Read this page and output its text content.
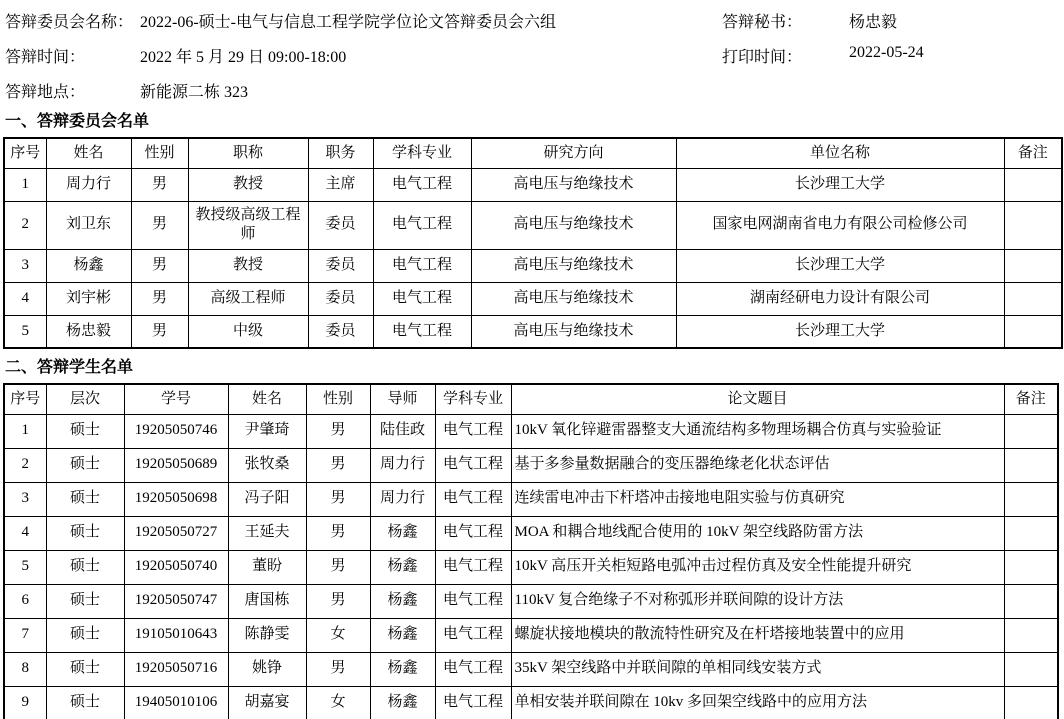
答辩委员会名称： 2022-06-硕士-电气与信息工程学院学位论文答辩委员会六组	答辩秘书：	杨忠毅
答辩时间：	2022 年 5 月 29 日 09:00-18:00	打印时间：	2022-05-24
答辩地点：	新能源二栋 323
一、答辩委员会名单
序号	姓名	性别	职称	职务	学科专业	研究方向	单位名称	备注
1	周力行	男	教授	主席	电气工程	高电压与绝缘技术	长沙理工大学	
2	刘卫东	男	教授级高级工程师	委员	电气工程	高电压与绝缘技术	国家电网湖南省电力有限公司检修公司	
3	杨鑫	男	教授	委员	电气工程	高电压与绝缘技术	长沙理工大学	
4	刘宇彬	男	高级工程师	委员	电气工程	高电压与绝缘技术	湖南经研电力设计有限公司	
5	杨忠毅	男	中级	委员	电气工程	高电压与绝缘技术	长沙理工大学	
二、答辩学生名单
序号	层次	学号	姓名	性别	导师	学科专业	论文题目	备注
1	硕士	19205050746	尹肇琦	男	陆佳政	电气工程	10kV 氧化锌避雷器整支大通流结构多物理场耦合仿真与实验验证	
2	硕士	19205050689	张牧桑	男	周力行	电气工程	基于多参量数据融合的变压器绝缘老化状态评估	
3	硕士	19205050698	冯子阳	男	周力行	电气工程	连续雷电冲击下杆塔冲击接地电阻实验与仿真研究	
4	硕士	19205050727	王延夫	男	杨鑫	电气工程	MOA 和耦合地线配合使用的 10kV 架空线路防雷方法	
5	硕士	19205050740	董盼	男	杨鑫	电气工程	10kV 高压开关柜短路电弧冲击过程仿真及安全性能提升研究	
6	硕士	19205050747	唐国栋	男	杨鑫	电气工程	110kV 复合绝缘子不对称弧形并联间隙的设计方法	
7	硕士	19105010643	陈静雯	女	杨鑫	电气工程	螺旋状接地模块的散流特性研究及在杆塔接地装置中的应用	
8	硕士	19205050716	姚铮	男	杨鑫	电气工程	35kV 架空线路中并联间隙的单相同线安装方式	
9	硕士	19405010106	胡嘉宴	女	杨鑫	电气工程	单相安装并联间隙在 10kv 多回架空线路中的应用方法	
